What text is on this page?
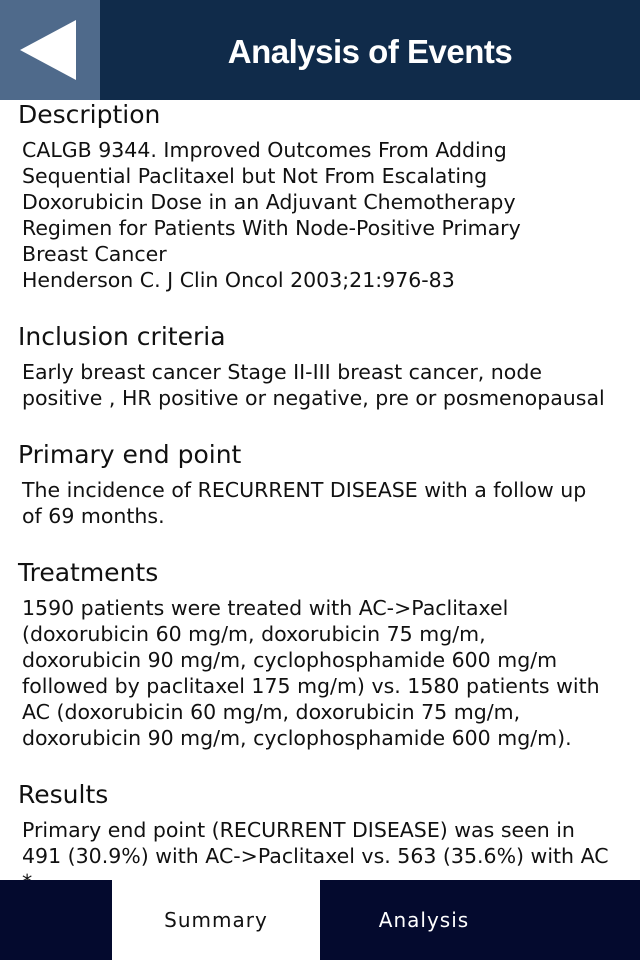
Analysis of Events
Description
CALGB 9344. Improved Outcomes From Adding
Sequential Paclitaxel but Not From Escalating
Doxorubicin Dose in an Adjuvant Chemotherapy
Regimen for Patients With Node-Positive Primary
Breast Cancer
Henderson C. J Clin Oncol 2003;21:976-83
Inclusion criteria
Early breast cancer Stage II-III breast cancer, node
positive , HR positive or negative, pre or posmenopausal
Primary end point
The incidence of RECURRENT DISEASE with a follow up
of 69 months.
Treatments
1590 patients were treated with AC->Paclitaxel
(doxorubicin 60 mg/m, doxorubicin 75 mg/m,
doxorubicin 90 mg/m, cyclophosphamide 600 mg/m
followed by paclitaxel 175 mg/m) vs. 1580 patients with
AC (doxorubicin 60 mg/m, doxorubicin 75 mg/m,
doxorubicin 90 mg/m, cyclophosphamide 600 mg/m).
Results
Primary end point (RECURRENT DISEASE) was seen in
491 (30.9%) with AC->Paclitaxel vs. 563 (35.6%) with AC

Summary	Analysis
